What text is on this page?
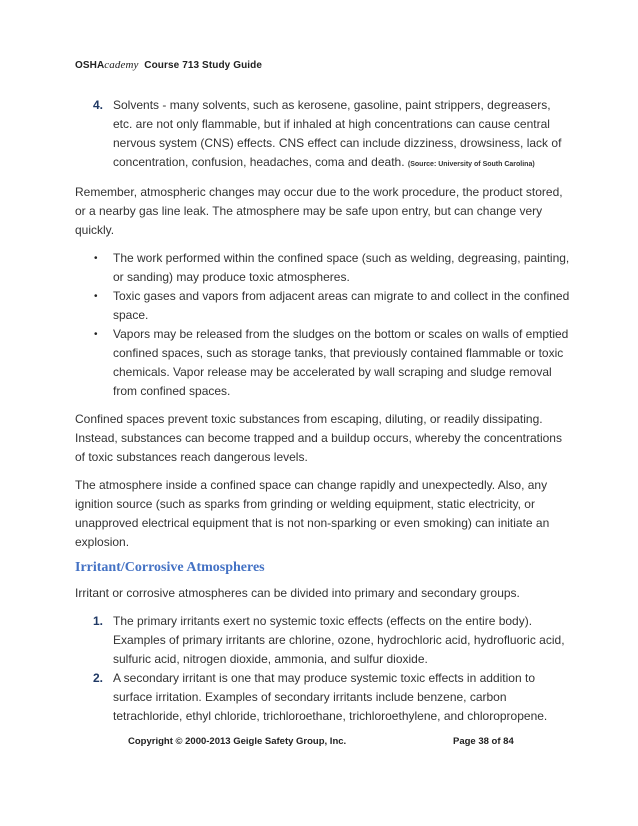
OSHAcademy Course 713 Study Guide
4. Solvents - many solvents, such as kerosene, gasoline, paint strippers, degreasers, etc. are not only flammable, but if inhaled at high concentrations can cause central nervous system (CNS) effects. CNS effect can include dizziness, drowsiness, lack of concentration, confusion, headaches, coma and death. (Source: University of South Carolina)

Remember, atmospheric changes may occur due to the work procedure, the product stored, or a nearby gas line leak. The atmosphere may be safe upon entry, but can change very quickly.

• The work performed within the confined space (such as welding, degreasing, painting, or sanding) may produce toxic atmospheres.
• Toxic gases and vapors from adjacent areas can migrate to and collect in the confined space.
• Vapors may be released from the sludges on the bottom or scales on walls of emptied confined spaces, such as storage tanks, that previously contained flammable or toxic chemicals. Vapor release may be accelerated by wall scraping and sludge removal from confined spaces.

Confined spaces prevent toxic substances from escaping, diluting, or readily dissipating. Instead, substances can become trapped and a buildup occurs, whereby the concentrations of toxic substances reach dangerous levels.

The atmosphere inside a confined space can change rapidly and unexpectedly. Also, any ignition source (such as sparks from grinding or welding equipment, static electricity, or unapproved electrical equipment that is not non-sparking or even smoking) can initiate an explosion.

Irritant/Corrosive Atmospheres

Irritant or corrosive atmospheres can be divided into primary and secondary groups.

1. The primary irritants exert no systemic toxic effects (effects on the entire body). Examples of primary irritants are chlorine, ozone, hydrochloric acid, hydrofluoric acid, sulfuric acid, nitrogen dioxide, ammonia, and sulfur dioxide.
2. A secondary irritant is one that may produce systemic toxic effects in addition to surface irritation. Examples of secondary irritants include benzene, carbon tetrachloride, ethyl chloride, trichloroethane, trichloroethylene, and chloropropene.
Copyright © 2000-2013 Geigle Safety Group, Inc.	Page 38 of 84
